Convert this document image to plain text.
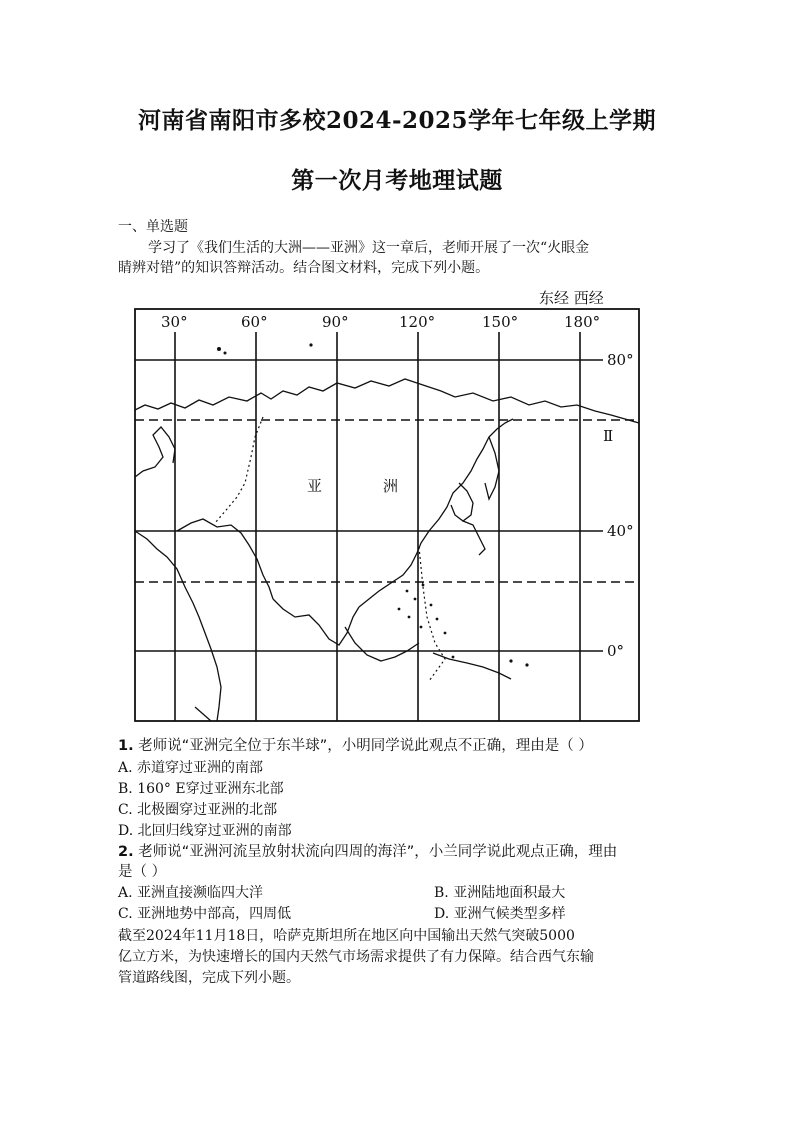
河南省南阳市多校2024-2025学年七年级上学期
第一次月考地理试题
一、单选题
学习了《我们生活的大洲——亚洲》这一章后，老师开展了一次“火眼金
睛辨对错”的知识答辩活动。结合图文材料，完成下列小题。
东经 西经
30°	60°	90°	120°	150°	180°
80°
40°
0°
Ⅱ
亚	洲
1. 老师说“亚洲完全位于东半球”，小明同学说此观点不正确，理由是（ ）
A. 赤道穿过亚洲的南部
B. 160° E穿过亚洲东北部
C. 北极圈穿过亚洲的北部
D. 北回归线穿过亚洲的南部
2. 老师说“亚洲河流呈放射状流向四周的海洋”，小兰同学说此观点正确，理由
是（ ）
A. 亚洲直接濒临四大洋	B. 亚洲陆地面积最大
C. 亚洲地势中部高，四周低	D. 亚洲气候类型多样
截至2024年11月18日，哈萨克斯坦所在地区向中国输出天然气突破5000
亿立方米，为快速增长的国内天然气市场需求提供了有力保障。结合西气东输
管道路线图，完成下列小题。
